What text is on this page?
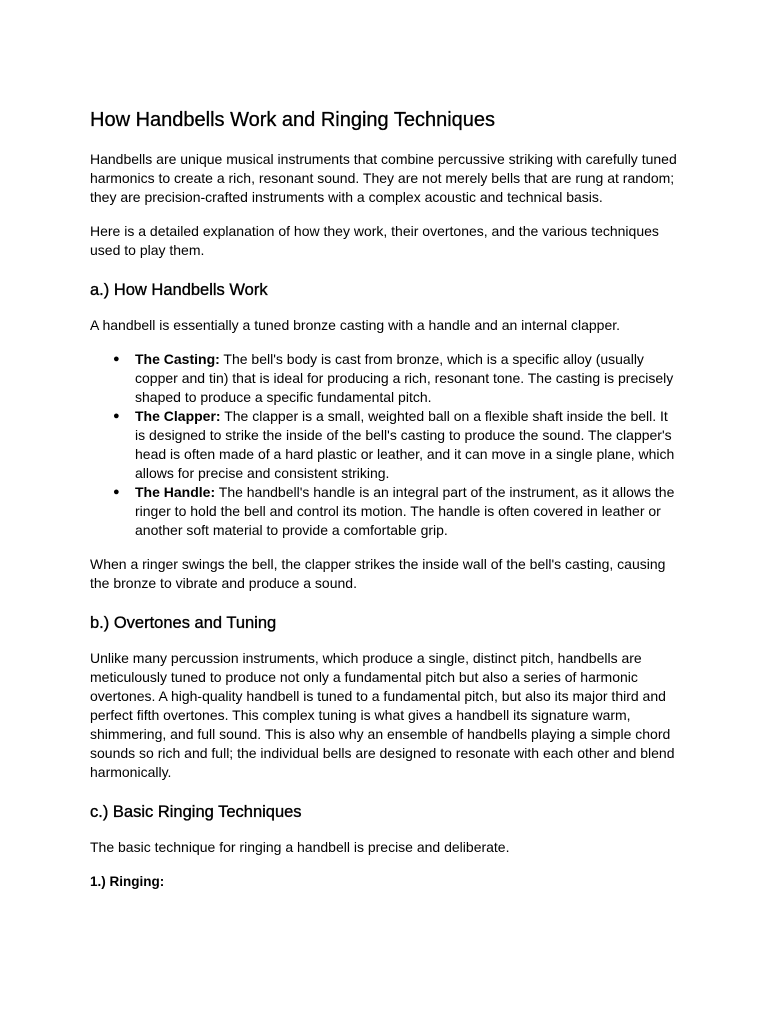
How Handbells Work and Ringing Techniques

Handbells are unique musical instruments that combine percussive striking with carefully tuned harmonics to create a rich, resonant sound. They are not merely bells that are rung at random; they are precision-crafted instruments with a complex acoustic and technical basis.

Here is a detailed explanation of how they work, their overtones, and the various techniques used to play them.

a.) How Handbells Work

A handbell is essentially a tuned bronze casting with a handle and an internal clapper.

● The Casting: The bell's body is cast from bronze, which is a specific alloy (usually copper and tin) that is ideal for producing a rich, resonant tone. The casting is precisely shaped to produce a specific fundamental pitch.
● The Clapper: The clapper is a small, weighted ball on a flexible shaft inside the bell. It is designed to strike the inside of the bell's casting to produce the sound. The clapper's head is often made of a hard plastic or leather, and it can move in a single plane, which allows for precise and consistent striking.
● The Handle: The handbell's handle is an integral part of the instrument, as it allows the ringer to hold the bell and control its motion. The handle is often covered in leather or another soft material to provide a comfortable grip.

When a ringer swings the bell, the clapper strikes the inside wall of the bell's casting, causing the bronze to vibrate and produce a sound.

b.) Overtones and Tuning

Unlike many percussion instruments, which produce a single, distinct pitch, handbells are meticulously tuned to produce not only a fundamental pitch but also a series of harmonic overtones. A high-quality handbell is tuned to a fundamental pitch, but also its major third and perfect fifth overtones. This complex tuning is what gives a handbell its signature warm, shimmering, and full sound. This is also why an ensemble of handbells playing a simple chord sounds so rich and full; the individual bells are designed to resonate with each other and blend harmonically.

c.) Basic Ringing Techniques

The basic technique for ringing a handbell is precise and deliberate.

1.) Ringing:
